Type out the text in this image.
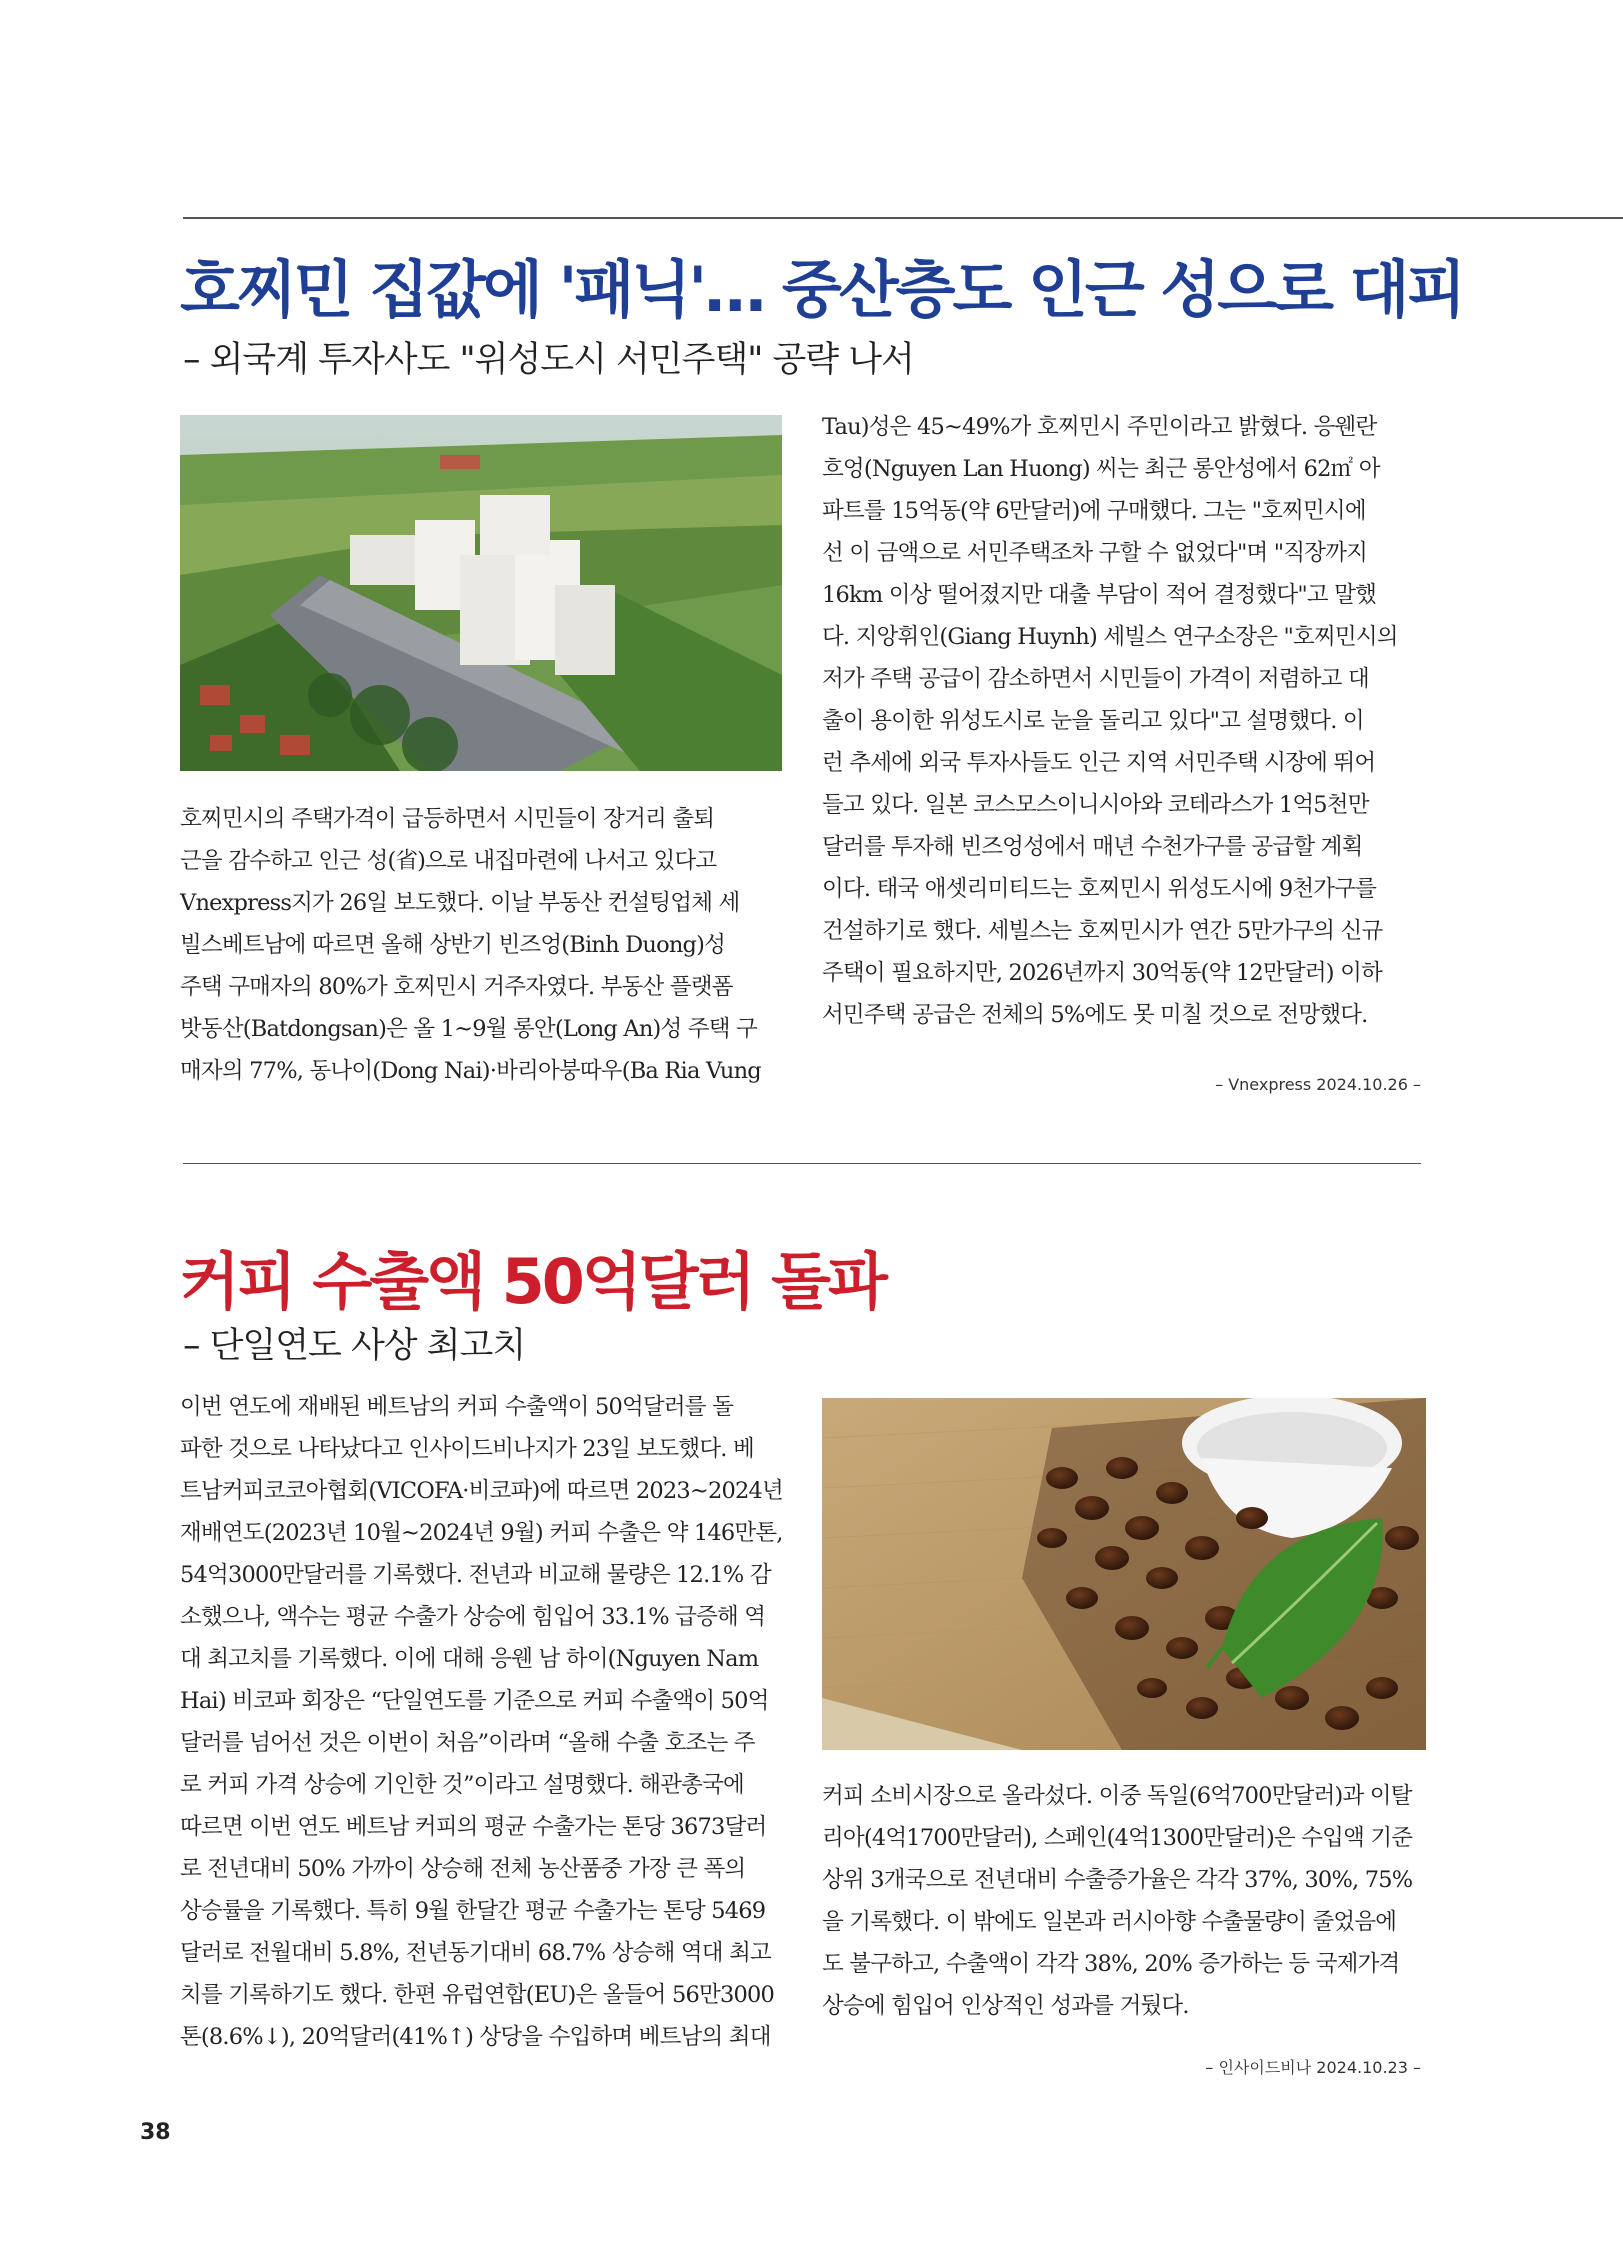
호찌민 집값에 '패닉'… 중산층도 인근 성으로 대피
– 외국계 투자사도 "위성도시 서민주택" 공략 나서

호찌민시의 주택가격이 급등하면서 시민들이 장거리 출퇴

근을 감수하고 인근 성(省)으로 내집마련에 나서고 있다고

Vnexpress지가 26일 보도했다. 이날 부동산 컨설팅업체 세

빌스베트남에 따르면 올해 상반기 빈즈엉(Binh Duong)성

주택 구매자의 80%가 호찌민시 거주자였다. 부동산 플랫폼

밧동산(Batdongsan)은 올 1~9월 롱안(Long An)성 주택 구

매자의 77%, 동나이(Dong Nai)·바리아붕따우(Ba Ria Vung

Tau)성은 45~49%가 호찌민시 주민이라고 밝혔다. 응웬란

흐엉(Nguyen Lan Huong) 씨는 최근 롱안성에서 62㎡ 아

파트를 15억동(약 6만달러)에 구매했다. 그는 "호찌민시에

선 이 금액으로 서민주택조차 구할 수 없었다"며 "직장까지

16km 이상 떨어졌지만 대출 부담이 적어 결정했다"고 말했

다. 지앙휘인(Giang Huynh) 세빌스 연구소장은 "호찌민시의

저가 주택 공급이 감소하면서 시민들이 가격이 저렴하고 대

출이 용이한 위성도시로 눈을 돌리고 있다"고 설명했다. 이

런 추세에 외국 투자사들도 인근 지역 서민주택 시장에 뛰어

들고 있다. 일본 코스모스이니시아와 코테라스가 1억5천만

달러를 투자해 빈즈엉성에서 매년 수천가구를 공급할 계획

이다. 태국 애셋리미티드는 호찌민시 위성도시에 9천가구를

건설하기로 했다. 세빌스는 호찌민시가 연간 5만가구의 신규

주택이 필요하지만, 2026년까지 30억동(약 12만달러) 이하

서민주택 공급은 전체의 5%에도 못 미칠 것으로 전망했다.

– Vnexpress 2024.10.26 –
커피 수출액 50억달러 돌파
– 단일연도 사상 최고치

이번 연도에 재배된 베트남의 커피 수출액이 50억달러를 돌

파한 것으로 나타났다고 인사이드비나지가 23일 보도했다. 베

트남커피코코아협회(VICOFA·비코파)에 따르면 2023~2024년

재배연도(2023년 10월~2024년 9월) 커피 수출은 약 146만톤,

54억3000만달러를 기록했다. 전년과 비교해 물량은 12.1% 감

소했으나, 액수는 평균 수출가 상승에 힘입어 33.1% 급증해 역

대 최고치를 기록했다. 이에 대해 응웬 남 하이(Nguyen Nam

Hai) 비코파 회장은 “단일연도를 기준으로 커피 수출액이 50억

달러를 넘어선 것은 이번이 처음”이라며 “올해 수출 호조는 주

로 커피 가격 상승에 기인한 것”이라고 설명했다. 해관총국에

따르면 이번 연도 베트남 커피의 평균 수출가는 톤당 3673달러

로 전년대비 50% 가까이 상승해 전체 농산품중 가장 큰 폭의

상승률을 기록했다. 특히 9월 한달간 평균 수출가는 톤당 5469

달러로 전월대비 5.8%, 전년동기대비 68.7% 상승해 역대 최고

치를 기록하기도 했다. 한편 유럽연합(EU)은 올들어 56만3000

톤(8.6%↓), 20억달러(41%↑) 상당을 수입하며 베트남의 최대

커피 소비시장으로 올라섰다. 이중 독일(6억700만달러)과 이탈

리아(4억1700만달러), 스페인(4억1300만달러)은 수입액 기준

상위 3개국으로 전년대비 수출증가율은 각각 37%, 30%, 75%

을 기록했다. 이 밖에도 일본과 러시아향 수출물량이 줄었음에

도 불구하고, 수출액이 각각 38%, 20% 증가하는 등 국제가격

상승에 힘입어 인상적인 성과를 거뒀다.

– 인사이드비나 2024.10.23 –
38
